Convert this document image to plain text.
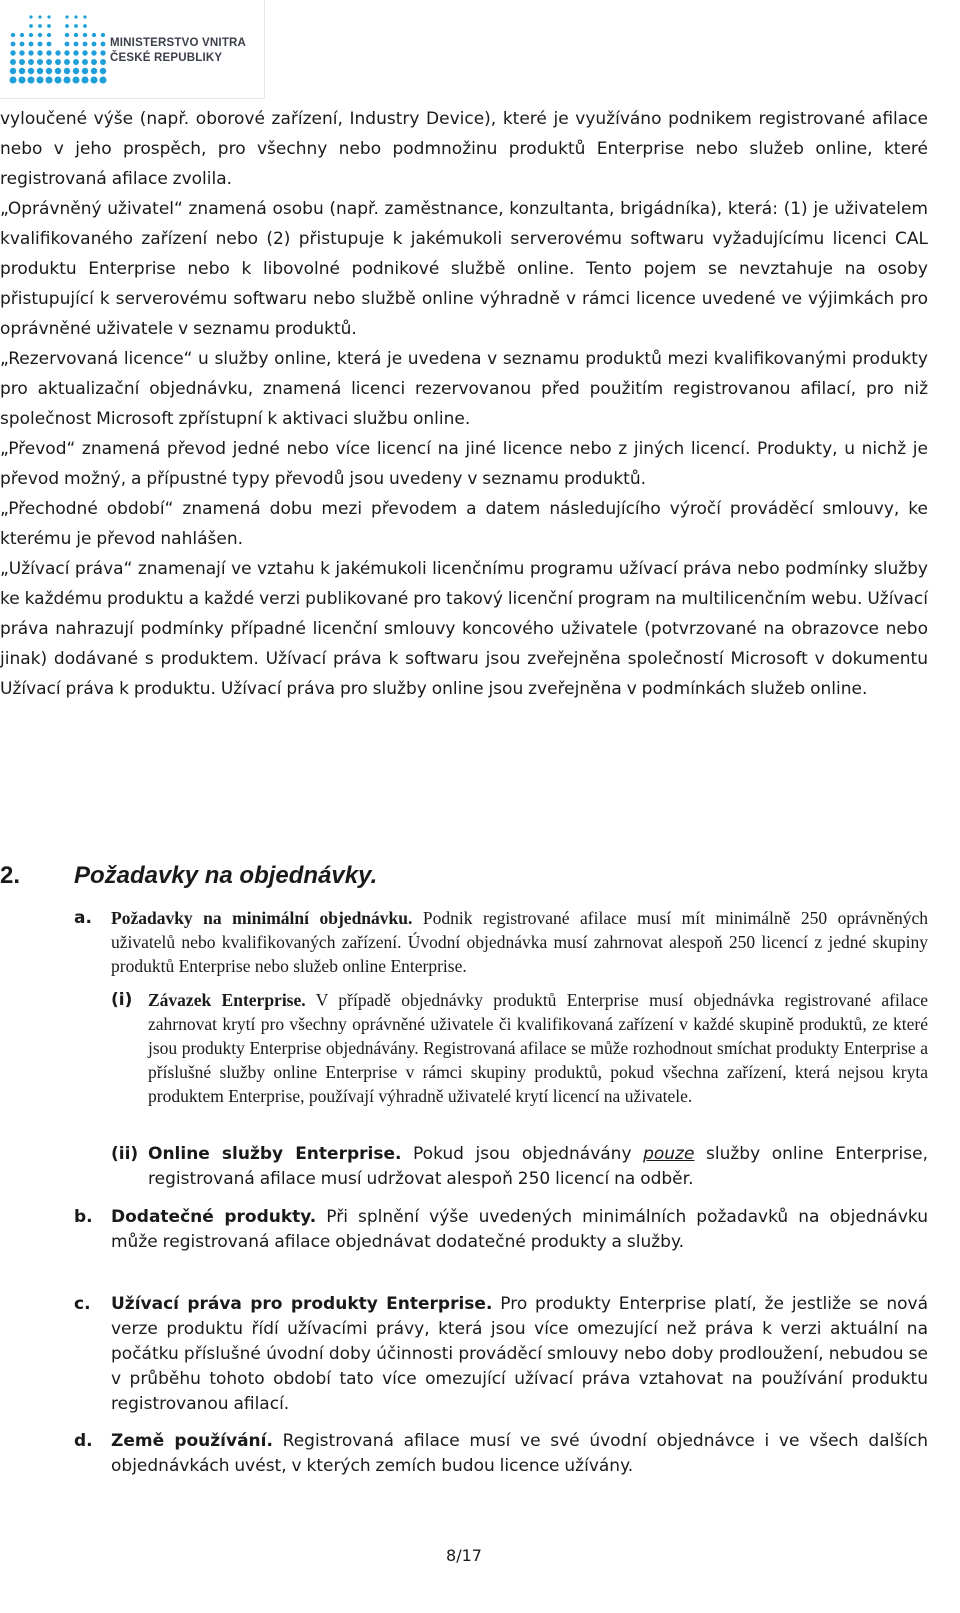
MINISTERSTVO VNITRA
ČESKÉ REPUBLIKY

vyloučené výše (např. oborové zařízení, Industry Device), které je využíváno podnikem registrované afilace nebo v jeho prospěch, pro všechny nebo podmnožinu produktů Enterprise nebo služeb online, které registrovaná afilace zvolila.

„Oprávněný uživatel“ znamená osobu (např. zaměstnance, konzultanta, brigádníka), která: (1) je uživatelem kvalifikovaného zařízení nebo (2) přistupuje k jakémukoli serverovému softwaru vyžadujícímu licenci CAL produktu Enterprise nebo k libovolné podnikové službě online. Tento pojem se nevztahuje na osoby přistupující k serverovému softwaru nebo službě online výhradně v rámci licence uvedené ve výjimkách pro oprávněné uživatele v seznamu produktů.

„Rezervovaná licence“ u služby online, která je uvedena v seznamu produktů mezi kvalifikovanými produkty pro aktualizační objednávku, znamená licenci rezervovanou před použitím registrovanou afilací, pro niž společnost Microsoft zpřístupní k aktivaci službu online.

„Převod“ znamená převod jedné nebo více licencí na jiné licence nebo z jiných licencí. Produkty, u nichž je převod možný, a přípustné typy převodů jsou uvedeny v seznamu produktů.

„Přechodné období“ znamená dobu mezi převodem a datem následujícího výročí prováděcí smlouvy, ke kterému je převod nahlášen.

„Užívací práva“ znamenají ve vztahu k jakémukoli licenčnímu programu užívací práva nebo podmínky služby ke každému produktu a každé verzi publikované pro takový licenční program na multilicenčním webu. Užívací práva nahrazují podmínky případné licenční smlouvy koncového uživatele (potvrzované na obrazovce nebo jinak) dodávané s produktem. Užívací práva k softwaru jsou zveřejněna společností Microsoft v dokumentu Užívací práva k produktu. Užívací práva pro služby online jsou zveřejněna v podmínkách služeb online.

2. Požadavky na objednávky.
a. Požadavky na minimální objednávku. Podnik registrované afilace musí mít minimálně 250 oprávněných uživatelů nebo kvalifikovaných zařízení. Úvodní objednávka musí zahrnovat alespoň 250 licencí z jedné skupiny produktů Enterprise nebo služeb online Enterprise.

(i) Závazek Enterprise. V případě objednávky produktů Enterprise musí objednávka registrované afilace zahrnovat krytí pro všechny oprávněné uživatele či kvalifikovaná zařízení v každé skupině produktů, ze které jsou produkty Enterprise objednávány. Registrovaná afilace se může rozhodnout smíchat produkty Enterprise a příslušné služby online Enterprise v rámci skupiny produktů, pokud všechna zařízení, která nejsou kryta produktem Enterprise, používají výhradně uživatelé krytí licencí na uživatele.

(ii) Online služby Enterprise. Pokud jsou objednávány pouze služby online Enterprise, registrovaná afilace musí udržovat alespoň 250 licencí na odběr.

b. Dodatečné produkty. Při splnění výše uvedených minimálních požadavků na objednávku může registrovaná afilace objednávat dodatečné produkty a služby.

c. Užívací práva pro produkty Enterprise. Pro produkty Enterprise platí, že jestliže se nová verze produktu řídí užívacími právy, která jsou více omezující než práva k verzi aktuální na počátku příslušné úvodní doby účinnosti prováděcí smlouvy nebo doby prodloužení, nebudou se v průběhu tohoto období tato více omezující užívací práva vztahovat na používání produktu registrovanou afilací.

d. Země používání. Registrovaná afilace musí ve své úvodní objednávce i ve všech dalších objednávkách uvést, v kterých zemích budou licence užívány.

8/17
